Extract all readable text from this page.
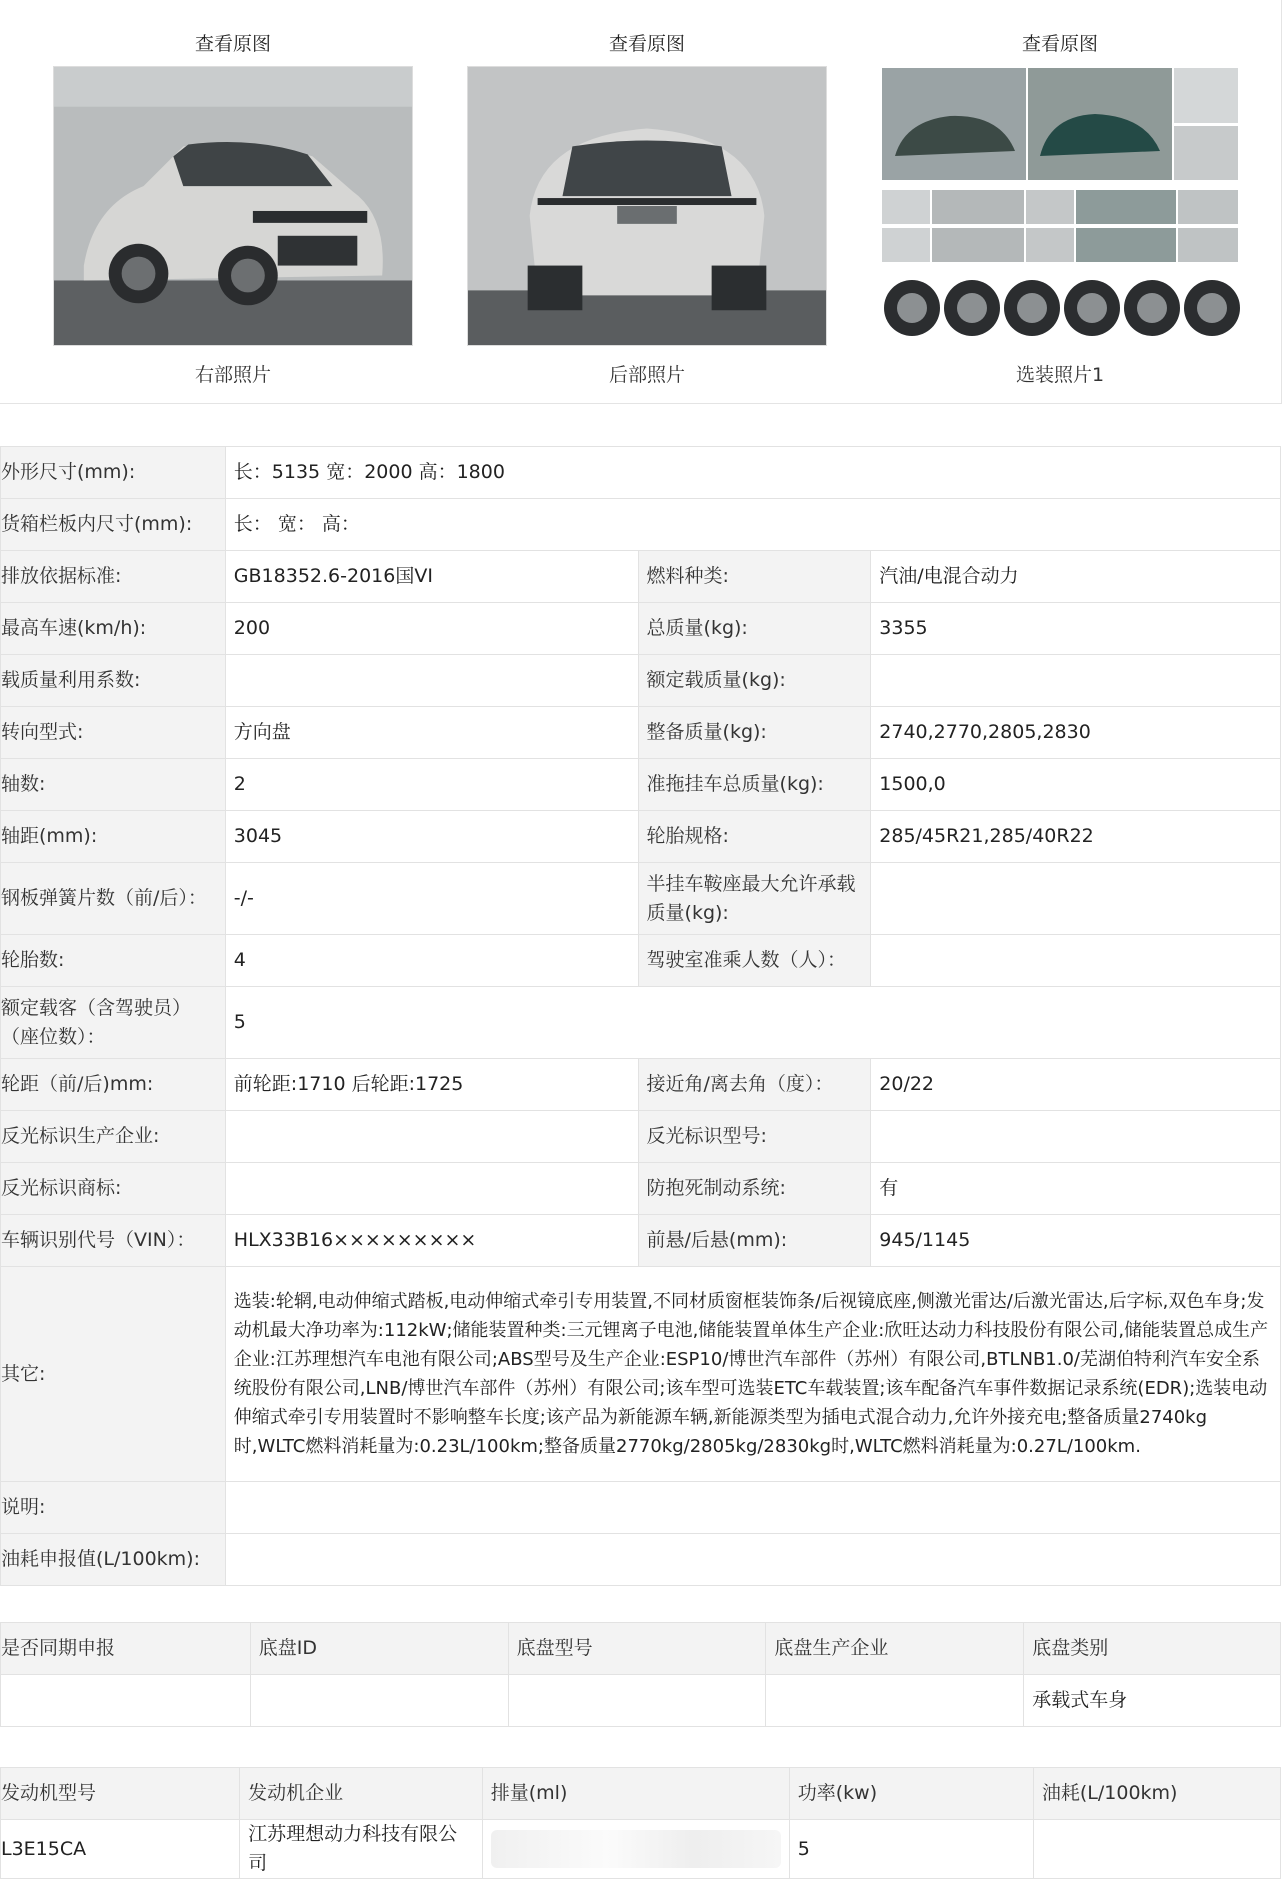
查看原图
右部照片
查看原图
后部照片
查看原图
选装照片1
外形尺寸(mm):	长：5135 宽：2000 高：1800		
货箱栏板内尺寸(mm):	长： 宽： 高：		
排放依据标准:	GB18352.6-2016国VI	燃料种类:	汽油/电混合动力
最高车速(km/h):	200	总质量(kg):	3355
载质量利用系数:		额定载质量(kg):	
转向型式:	方向盘	整备质量(kg):	2740,2770,2805,2830
轴数:	2	准拖挂车总质量(kg):	1500,0
轴距(mm):	3045	轮胎规格:	285/45R21,285/40R22
钢板弹簧片数（前/后）：	-/-	半挂车鞍座最大允许承载质量(kg):	
轮胎数:	4	驾驶室准乘人数（人）：	
额定载客（含驾驶员）（座位数）：	5		
轮距（前/后)mm:	前轮距:1710 后轮距:1725	接近角/离去角（度）：	20/22
反光标识生产企业:		反光标识型号:	
反光标识商标:		防抱死制动系统:	有
车辆识别代号（VIN）：	HLX33B16×××××××××	前悬/后悬(mm):	945/1145
其它:	选装:轮辋,电动伸缩式踏板,电动伸缩式牵引专用装置,不同材质窗框装饰条/后视镜底座,侧激光雷达/后激光雷达,后字标,双色车身;发动机最大净功率为:112kW;储能装置种类:三元锂离子电池,储能装置单体生产企业:欣旺达动力科技股份有限公司,储能装置总成生产企业:江苏理想汽车电池有限公司;ABS型号及生产企业:ESP10/博世汽车部件（苏州）有限公司,BTLNB1.0/芜湖伯特利汽车安全系统股份有限公司,LNB/博世汽车部件（苏州）有限公司;该车型可选装ETC车载装置;该车配备汽车事件数据记录系统(EDR);选装电动伸缩式牵引专用装置时不影响整车长度;该产品为新能源车辆,新能源类型为插电式混合动力,允许外接充电;整备质量2740kg时,WLTC燃料消耗量为:0.23L/100km;整备质量2770kg/2805kg/2830kg时,WLTC燃料消耗量为:0.27L/100km.		
说明:			
油耗申报值(L/100km):			
是否同期申报	底盘ID	底盘型号	底盘生产企业	底盘类别
				承载式车身
发动机型号	发动机企业	排量(ml)	功率(kw)	油耗(L/100km)
L3E15CA	江苏理想动力科技有限公司		5	
